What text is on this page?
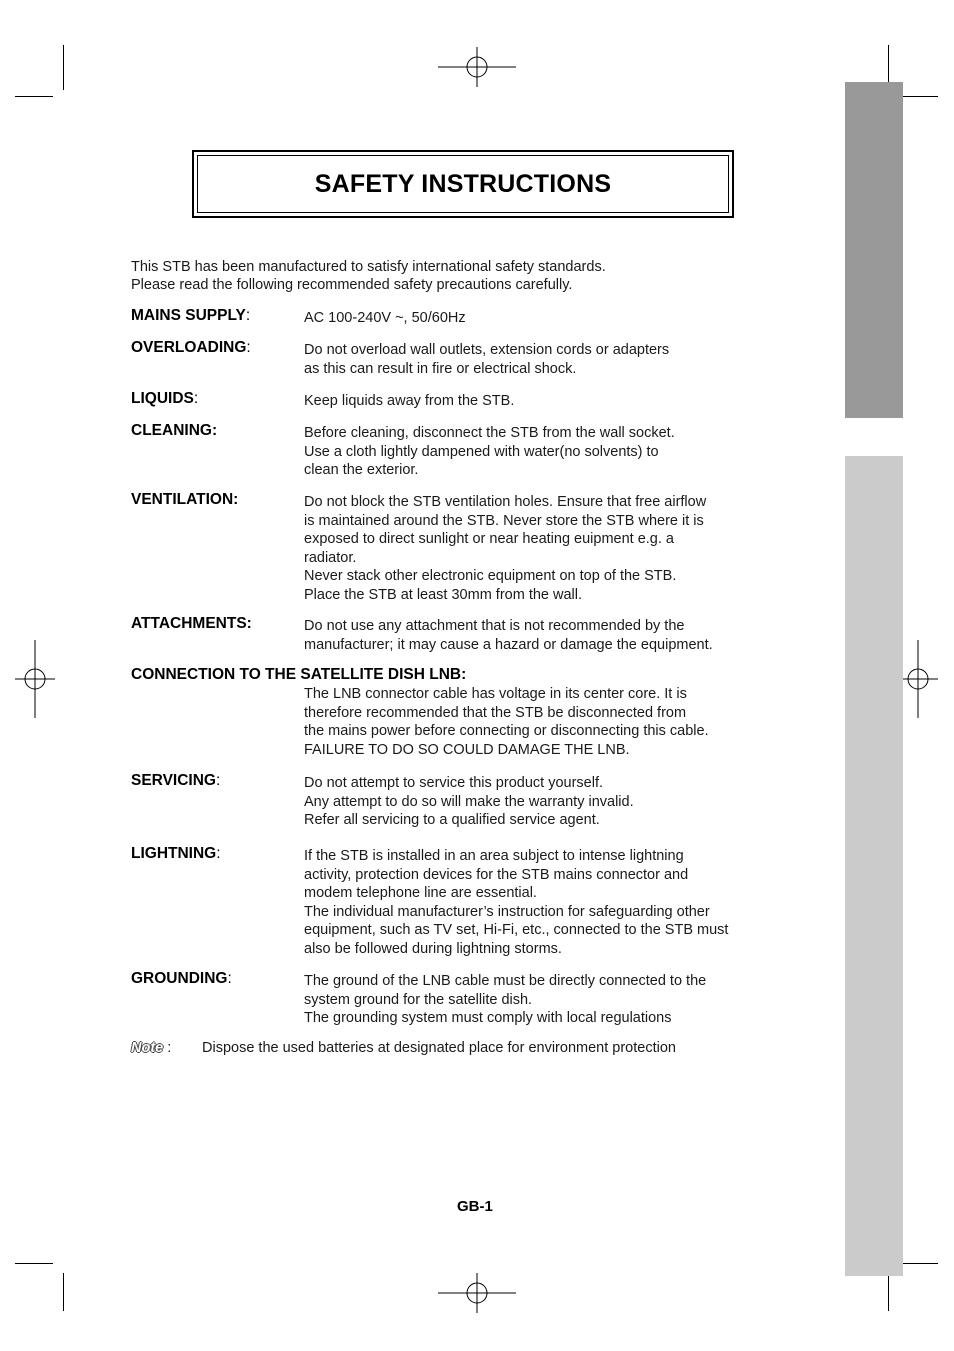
SAFETY INSTRUCTIONS
This STB has been manufactured to satisfy international safety standards.
Please read the following recommended safety precautions carefully.
MAINS SUPPLY:	AC 100-240V ~, 50/60Hz
OVERLOADING:	Do not overload wall outlets, extension cords or adapters
as this can result in fire or electrical shock.
LIQUIDS:	Keep liquids away from the STB.
CLEANING:	Before cleaning, disconnect the STB from the wall socket.
Use a cloth lightly dampened with water(no solvents) to
clean the exterior.
VENTILATION:	Do not block the STB ventilation holes. Ensure that free airflow
is maintained around the STB. Never store the STB where it is
exposed to direct sunlight or near heating euipment e.g. a
radiator.
Never stack other electronic equipment on top of the STB.
Place the STB at least 30mm from the wall.
ATTACHMENTS:	Do not use any attachment that is not recommended by the
manufacturer; it may cause a hazard or damage the equipment.
CONNECTION TO THE SATELLITE DISH LNB:
The LNB connector cable has voltage in its center core. It is
therefore recommended that the STB be disconnected from
the mains power before connecting or disconnecting this cable.
FAILURE TO DO SO COULD DAMAGE THE LNB.
SERVICING:	Do not attempt to service this product yourself.
Any attempt to do so will make the warranty invalid.
Refer all servicing to a qualified service agent.
LIGHTNING:	If the STB is installed in an area subject to intense lightning
activity, protection devices for the STB mains connector and
modem telephone line are essential.
The individual manufacturer’s instruction for safeguarding other
equipment, such as TV set, Hi-Fi, etc., connected to the STB must
also be followed during lightning storms.
GROUNDING:	The ground of the LNB cable must be directly connected to the
system ground for the satellite dish.
The grounding system must comply with local regulations
Note : Dispose the used batteries at designated place for environment protection
GB-1
